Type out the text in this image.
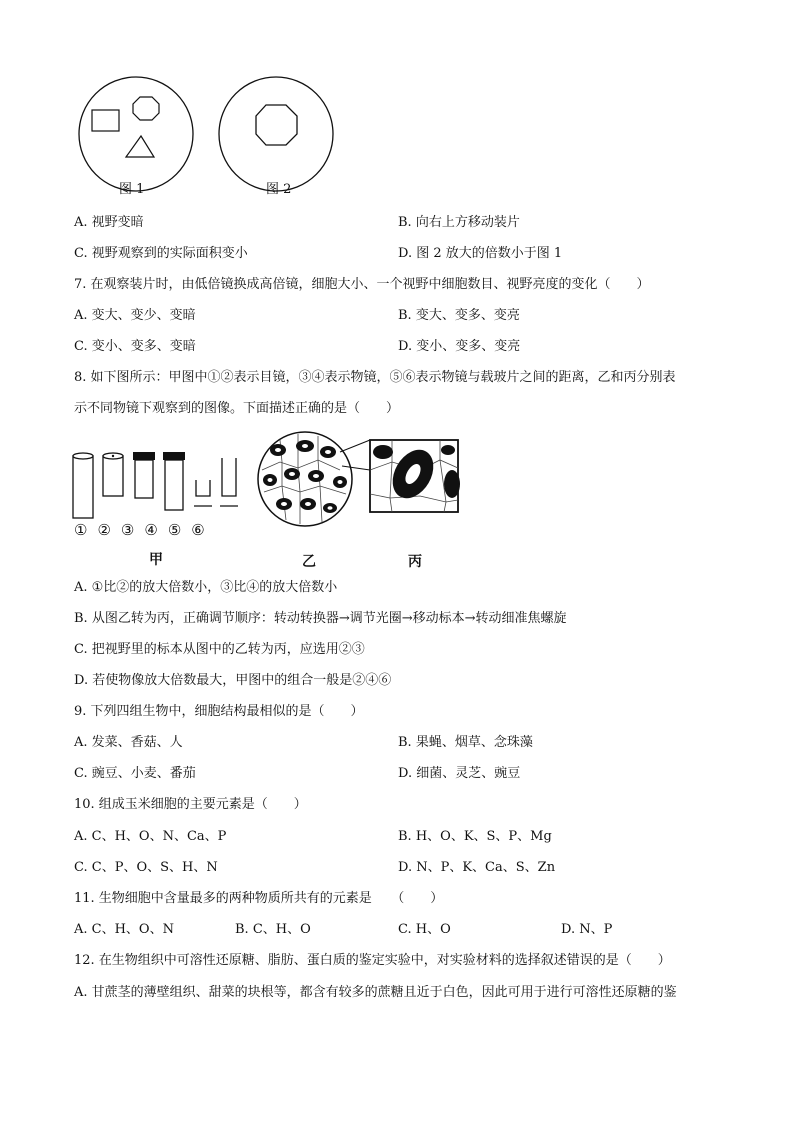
图 1	图 2
A. 视野变暗	B. 向右上方移动装片
C. 视野观察到的实际面积变小	D. 图 2 放大的倍数小于图 1
7. 在观察装片时，由低倍镜换成高倍镜，细胞大小、一个视野中细胞数目、视野亮度的变化（　　）
A. 变大、变少、变暗	B. 变大、变多、变亮
C. 变小、变多、变暗	D. 变小、变多、变亮
8. 如下图所示：甲图中①②表示目镜，③④表示物镜，⑤⑥表示物镜与载玻片之间的距离，乙和丙分别表
示不同物镜下观察到的图像。下面描述正确的是（　　）
①②③④⑤⑥
甲	乙	丙
A. ①比②的放大倍数小，③比④的放大倍数小
B. 从图乙转为丙，正确调节顺序：转动转换器→调节光圈→移动标本→转动细准焦螺旋
C. 把视野里的标本从图中的乙转为丙，应选用②③
D. 若使物像放大倍数最大，甲图中的组合一般是②④⑥
9. 下列四组生物中，细胞结构最相似的是（　　）
A. 发菜、香菇、人	B. 果蝇、烟草、念珠藻
C. 豌豆、小麦、番茄	D. 细菌、灵芝、豌豆
10. 组成玉米细胞的主要元素是（　　）
A. C、H、O、N、Ca、P	B. H、O、K、S、P、Mg
C. C、P、O、S、H、N	D. N、P、K、Ca、S、Zn
11. 生物细胞中含量最多的两种物质所共有的元素是　　（　　）
A. C、H、O、N	B. C、H、O	C. H、O	D. N、P
12. 在生物组织中可溶性还原糖、脂肪、蛋白质的鉴定实验中，对实验材料的选择叙述错误的是（　　）
A. 甘蔗茎的薄壁组织、甜菜的块根等，都含有较多的蔗糖且近于白色，因此可用于进行可溶性还原糖的鉴
